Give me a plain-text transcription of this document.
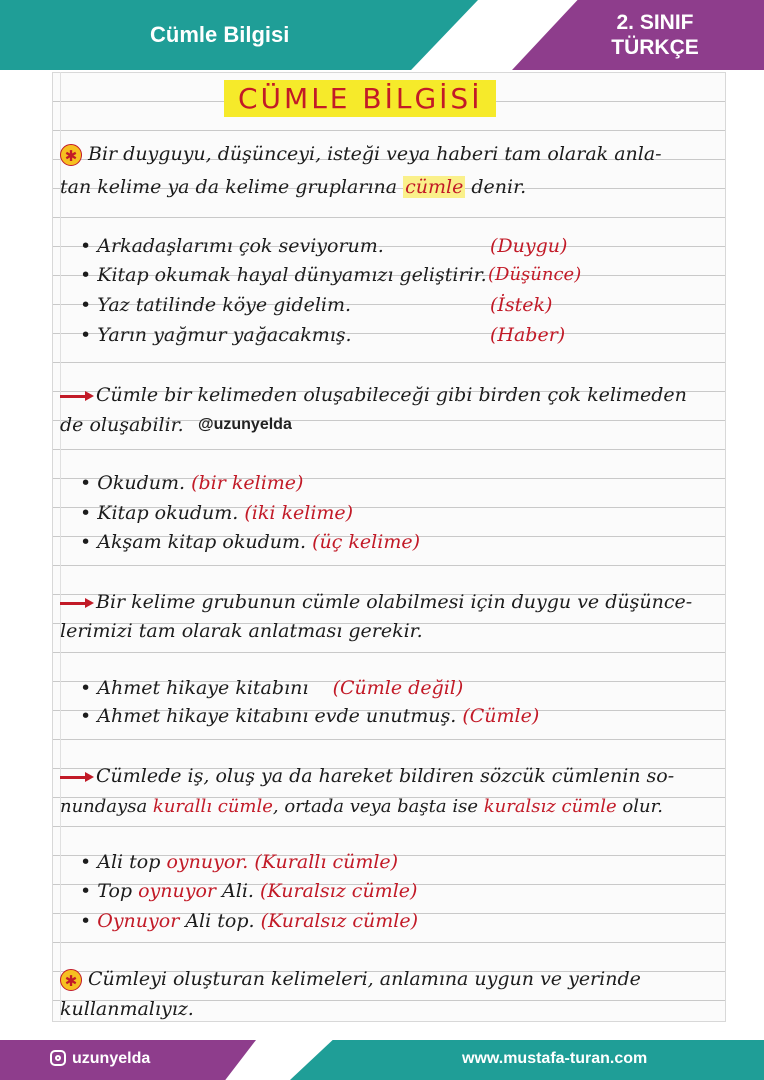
Cümle Bilgisi	2. SINIF
TÜRKÇE
CÜMLE BİLGİSİ
✱ Bir duyguyu, düşünceyi, isteği veya haberi tam olarak anla-
tan kelime ya da kelime gruplarına cümle denir.
• Arkadaşlarımı çok seviyorum.	(Duygu)
• Kitap okumak hayal dünyamızı geliştirir. (Düşünce)
• Yaz tatilinde köye gidelim.	(İstek)
• Yarın yağmur yağacakmış.	(Haber)
Cümle bir kelimeden oluşabileceği gibi birden çok kelimeden
de oluşabilir. @uzunyelda
• Okudum. (bir kelime)
• Kitap okudum. (iki kelime)
• Akşam kitap okudum. (üç kelime)
Bir kelime grubunun cümle olabilmesi için duygu ve düşünce-
lerimizi tam olarak anlatması gerekir.
• Ahmet hikaye kitabını (Cümle değil)
• Ahmet hikaye kitabını evde unutmuş. (Cümle)
Cümlede iş, oluş ya da hareket bildiren sözcük cümlenin so-
nundaysa kurallı cümle, ortada veya başta ise kuralsız cümle olur.
• Ali top oynuyor. (Kurallı cümle)
• Top oynuyor Ali. (Kuralsız cümle)
• Oynuyor Ali top. (Kuralsız cümle)
✱ Cümleyi oluşturan kelimeleri, anlamına uygun ve yerinde
kullanmalıyız.
uzunyelda	www.mustafa-turan.com
